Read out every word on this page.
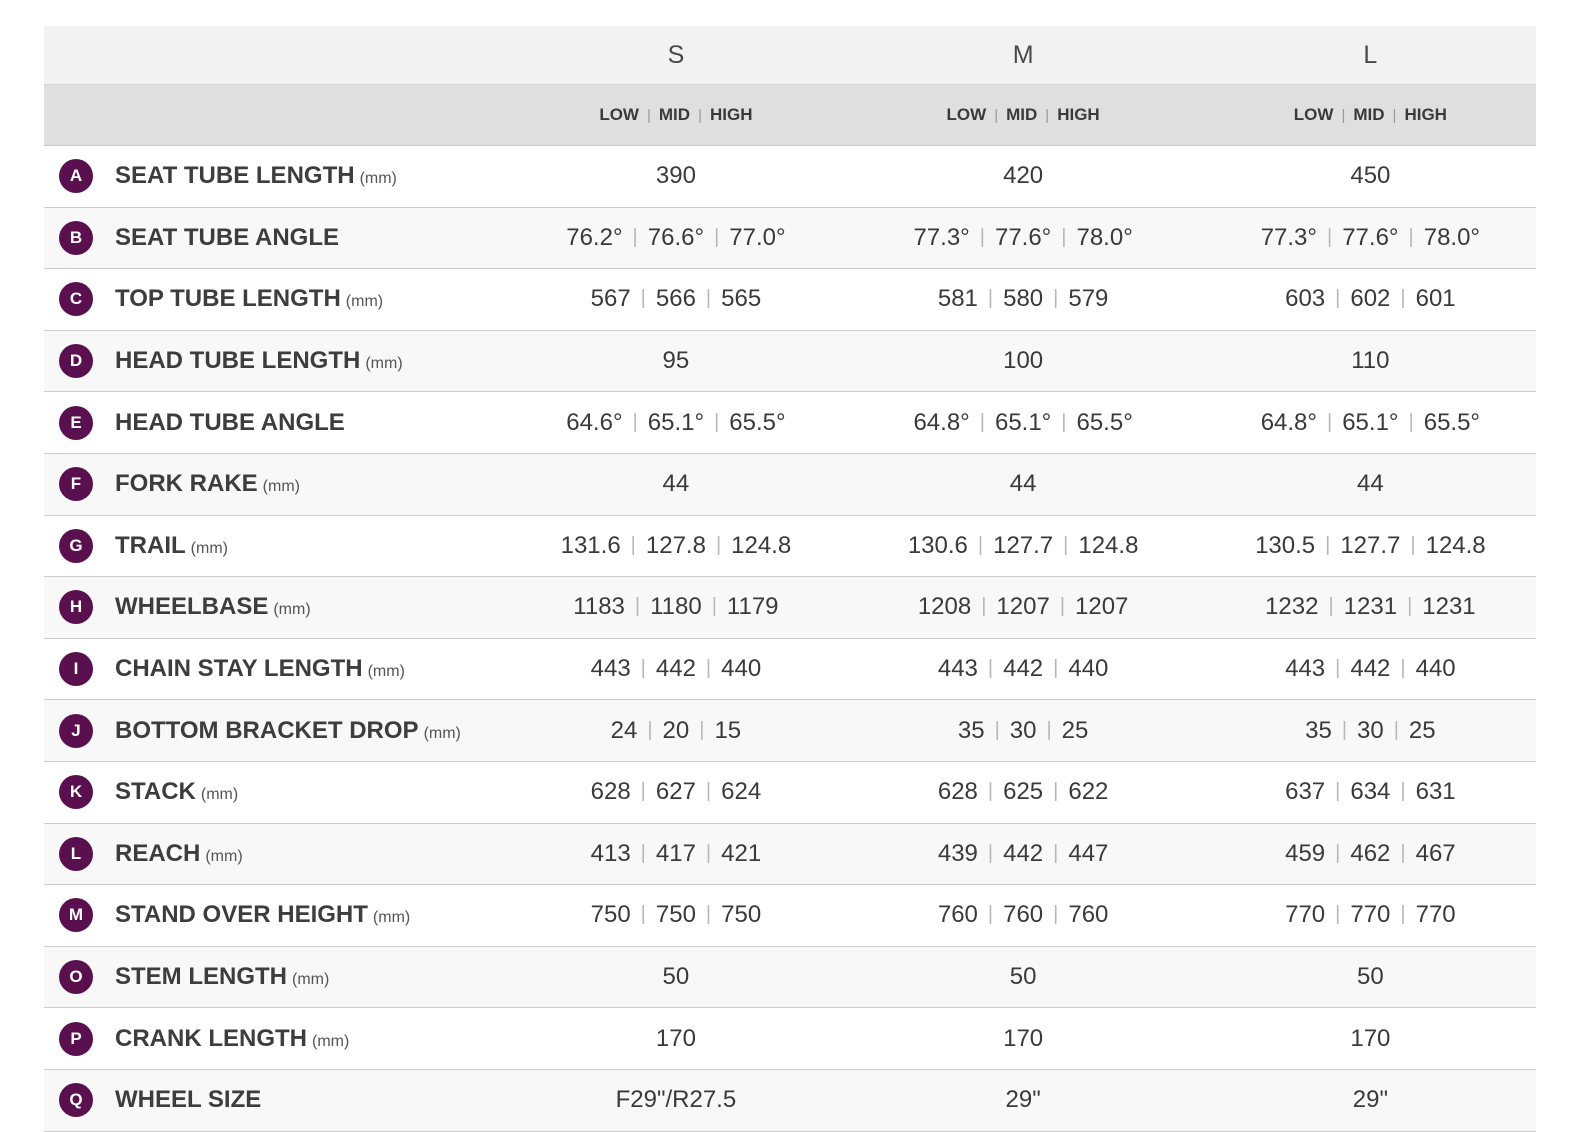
	S	M	L
	LOW | MID | HIGH	LOW | MID | HIGH	LOW | MID | HIGH
A SEAT TUBE LENGTH (mm)	390	420	450
B SEAT TUBE ANGLE	76.2° | 76.6° | 77.0°	77.3° | 77.6° | 78.0°	77.3° | 77.6° | 78.0°
C TOP TUBE LENGTH (mm)	567 | 566 | 565	581 | 580 | 579	603 | 602 | 601
D HEAD TUBE LENGTH (mm)	95	100	110
E HEAD TUBE ANGLE	64.6° | 65.1° | 65.5°	64.8° | 65.1° | 65.5°	64.8° | 65.1° | 65.5°
F FORK RAKE (mm)	44	44	44
G TRAIL (mm)	131.6 | 127.8 | 124.8	130.6 | 127.7 | 124.8	130.5 | 127.7 | 124.8
H WHEELBASE (mm)	1183 | 1180 | 1179	1208 | 1207 | 1207	1232 | 1231 | 1231
I CHAIN STAY LENGTH (mm)	443 | 442 | 440	443 | 442 | 440	443 | 442 | 440
J BOTTOM BRACKET DROP (mm)	24 | 20 | 15	35 | 30 | 25	35 | 30 | 25
K STACK (mm)	628 | 627 | 624	628 | 625 | 622	637 | 634 | 631
L REACH (mm)	413 | 417 | 421	439 | 442 | 447	459 | 462 | 467
M STAND OVER HEIGHT (mm)	750 | 750 | 750	760 | 760 | 760	770 | 770 | 770
O STEM LENGTH (mm)	50	50	50
P CRANK LENGTH (mm)	170	170	170
Q WHEEL SIZE	F29"/R27.5	29"	29"
